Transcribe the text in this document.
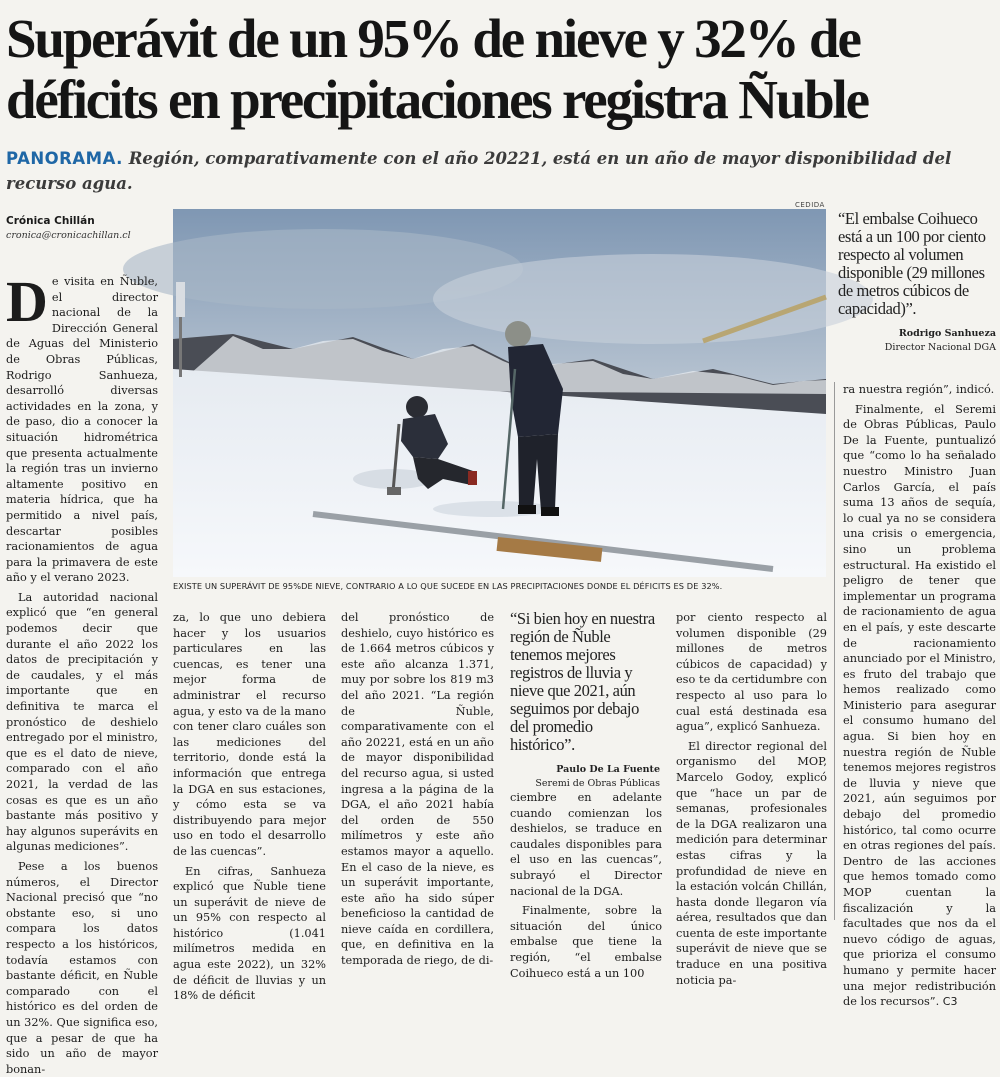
Superávit de un 95% de nieve y 32% de
déficits en precipitaciones registra Ñuble
PANORAMA. Región, comparativamente con el año 20221, está en un año de mayor disponibilidad del recurso agua.
Crónica Chillán
cronica@cronicachillan.cl
CEDIDA
EXISTE UN SUPERÁVIT DE 95%DE NIEVE, CONTRARIO A LO QUE SUCEDE EN LAS PRECIPITACIONES DONDE EL DÉFICITS ES DE 32%.
“El embalse Coihueco está a un 100 por ciento respecto al volumen disponible (29 millones de metros cúbicos de capacidad)”.
Rodrigo Sanhueza
Director Nacional DGA
“Si bien hoy en nuestra región de Ñuble tenemos mejores registros de lluvia y nieve que 2021, aún seguimos por debajo del promedio histórico”.
Paulo De La Fuente
Seremi de Obras Públicas

De visita en Ñuble, el director nacional de la Dirección General de Aguas del Ministerio de Obras Públicas, Rodrigo Sanhueza, desarrolló diversas actividades en la zona, y de paso, dio a conocer la situación hidrométrica que presenta actualmente la región tras un invierno altamente positivo en materia hídrica, que ha permitido a nivel país, descartar posibles racionamientos de agua para la primavera de este año y el verano 2023.

La autoridad nacional explicó que “en general podemos decir que durante el año 2022 los datos de precipitación y de caudales, y el más importante que en definitiva te marca el pronóstico de deshielo entregado por el ministro, que es el dato de nieve, comparado con el año 2021, la verdad de las cosas es que es un año bastante más positivo y hay algunos superávits en algunas mediciones”.

Pese a los buenos números, el Director Nacional precisó que “no obstante eso, si uno compara los datos respecto a los históricos, todavía estamos con bastante déficit, en Ñuble comparado con el histórico es del orden de un 32%. Que significa eso, que a pesar de que ha sido un año de mayor bonan-

za, lo que uno debiera hacer y los usuarios particulares en las cuencas, es tener una mejor forma de administrar el recurso agua, y esto va de la mano con tener claro cuáles son las mediciones del territorio, donde está la información que entrega la DGA en sus estaciones, y cómo esta se va distribuyendo para mejor uso en todo el desarrollo de las cuencas”.

En cifras, Sanhueza explicó que Ñuble tiene un superávit de nieve de un 95% con respecto al histórico (1.041 milímetros medida en agua este 2022), un 32% de déficit de lluvias y un 18% de déficit

del pronóstico de deshielo, cuyo histórico es de 1.664 metros cúbicos y este año alcanza 1.371, muy por sobre los 819 m3 del año 2021. “La región de Ñuble, comparativamente con el año 20221, está en un año de mayor disponibilidad del recurso agua, si usted ingresa a la página de la DGA, el año 2021 había del orden de 550 milímetros y este año estamos mayor a aquello. En el caso de la nieve, es un superávit importante, este año ha sido súper beneficioso la cantidad de nieve caída en cordillera, que, en definitiva en la temporada de riego, de di-

ciembre en adelante cuando comienzan los deshielos, se traduce en caudales disponibles para el uso en las cuencas”, subrayó el Director nacional de la DGA.

Finalmente, sobre la situación del único embalse que tiene la región, “el embalse Coihueco está a un 100

por ciento respecto al volumen disponible (29 millones de metros cúbicos de capacidad) y eso te da certidumbre con respecto al uso para lo cual está destinada esa agua”, explicó Sanhueza.

El director regional del organismo del MOP, Marcelo Godoy, explicó que “hace un par de semanas, profesionales de la DGA realizaron una medición para determinar estas cifras y la profundidad de nieve en la estación volcán Chillán, hasta donde llegaron vía aérea, resultados que dan cuenta de este importante superávit de nieve que se traduce en una positiva noticia pa-

ra nuestra región”, indicó.

Finalmente, el Seremi de Obras Públicas, Paulo De la Fuente, puntualizó que “como lo ha señalado nuestro Ministro Juan Carlos García, el país suma 13 años de sequía, lo cual ya no se considera una crisis o emergencia, sino un problema estructural. Ha existido el peligro de tener que implementar un programa de racionamiento de agua en el país, y este descarte de racionamiento anunciado por el Ministro, es fruto del trabajo que hemos realizado como Ministerio para asegurar el consumo humano del agua. Si bien hoy en nuestra región de Ñuble tenemos mejores registros de lluvia y nieve que 2021, aún seguimos por debajo del promedio histórico, tal como ocurre en otras regiones del país. Dentro de las acciones que hemos tomado como MOP cuentan la fiscalización y la facultades que nos da el nuevo código de aguas, que prioriza el consumo humano y permite hacer una mejor redistribución de los recursos”. C3
